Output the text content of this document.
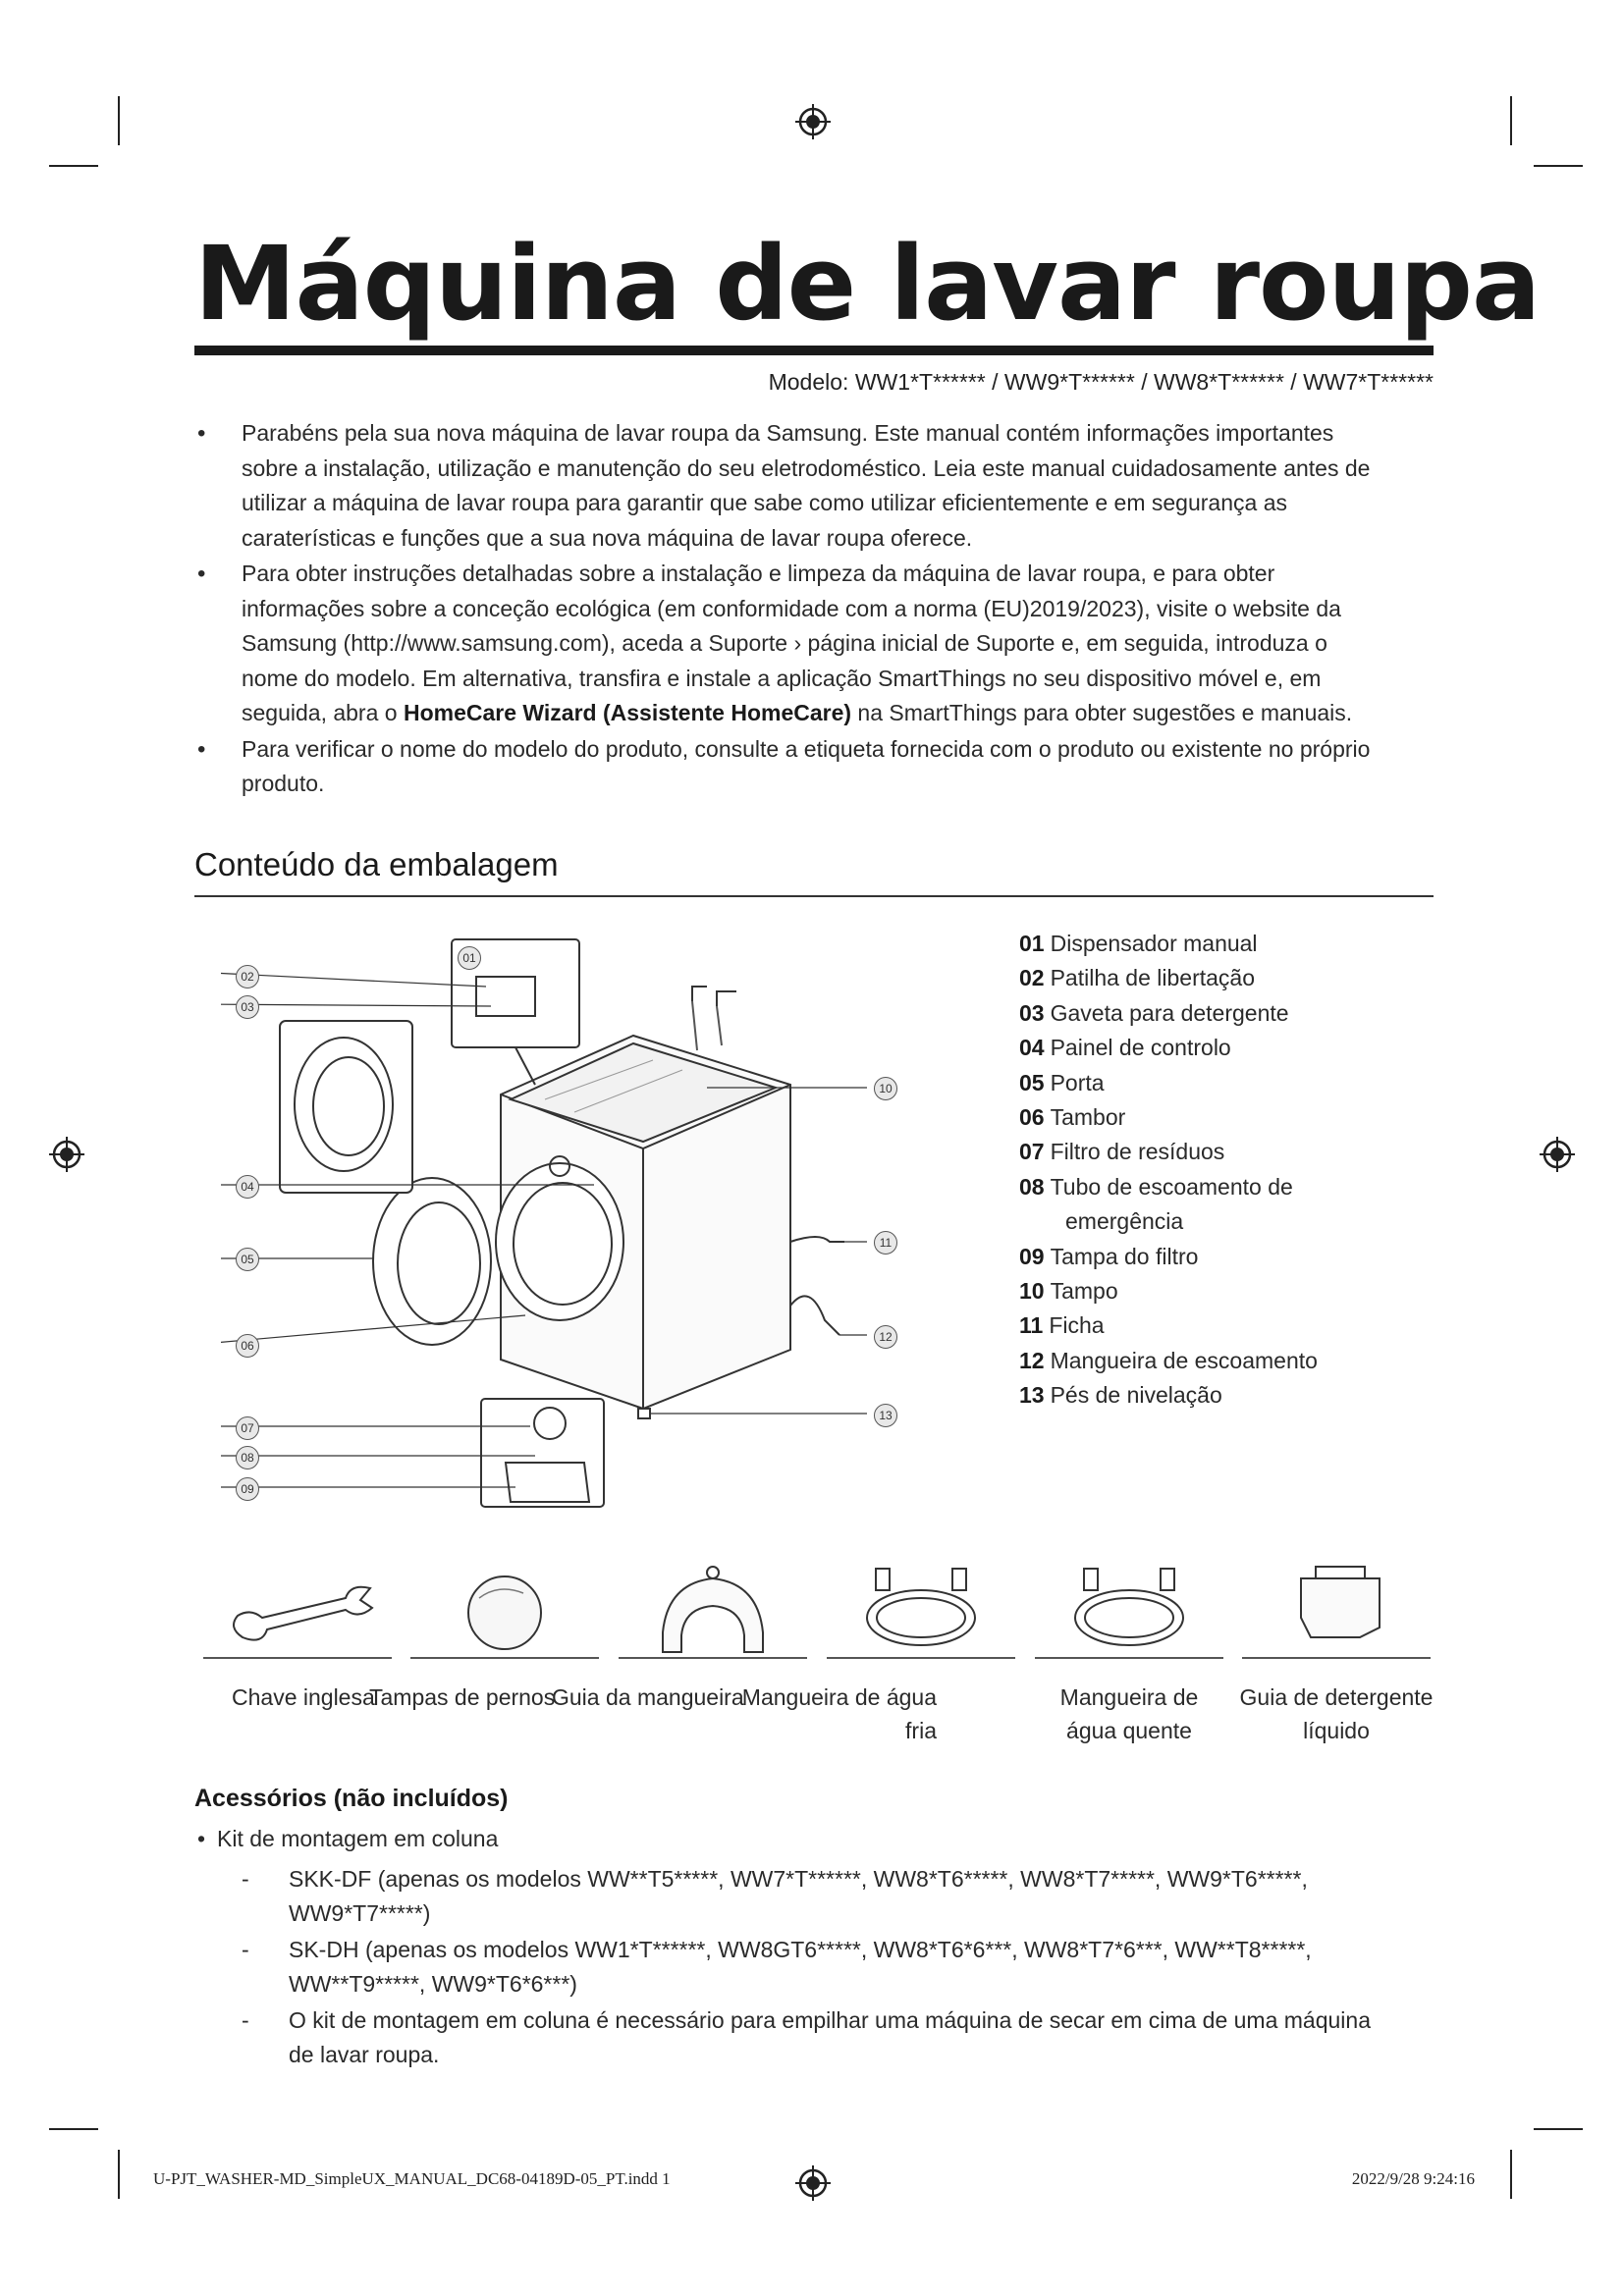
Máquina de lavar roupa
Modelo: WW1*T****** / WW9*T****** / WW8*T****** / WW7*T******
• Parabéns pela sua nova máquina de lavar roupa da Samsung. Este manual contém informações importantes sobre a instalação, utilização e manutenção do seu eletrodoméstico. Leia este manual cuidadosamente antes de utilizar a máquina de lavar roupa para garantir que sabe como utilizar eficientemente e em segurança as caraterísticas e funções que a sua nova máquina de lavar roupa oferece.
• Para obter instruções detalhadas sobre a instalação e limpeza da máquina de lavar roupa, e para obter informações sobre a conceção ecológica (em conformidade com a norma (EU)2019/2023), visite o website da Samsung (http://www.samsung.com), aceda a Suporte › página inicial de Suporte e, em seguida, introduza o nome do modelo. Em alternativa, transfira e instale a aplicação SmartThings no seu dispositivo móvel e, em seguida, abra o HomeCare Wizard (Assistente HomeCare) na SmartThings para obter sugestões e manuais.
• Para verificar o nome do modelo do produto, consulte a etiqueta fornecida com o produto ou existente no próprio produto.
Conteúdo da embalagem
01
02
03
04
05
06
07
08
09
10
11
12
13
01 Dispensador manual
02 Patilha de libertação
03 Gaveta para detergente
04 Painel de controlo
05 Porta
06 Tambor
07 Filtro de resíduos
08 Tubo de escoamento de
emergência
09 Tampa do filtro
10 Tampo
11 Ficha
12 Mangueira de escoamento
13 Pés de nivelação
Chave inglesa
Tampas de pernos
Guia da mangueira
Mangueira de água fria
Mangueira de água quente
Guia de detergente líquido
Acessórios (não incluídos)
• Kit de montagem em coluna
- SKK-DF (apenas os modelos WW**T5*****, WW7*T******, WW8*T6*****, WW8*T7*****, WW9*T6*****, WW9*T7*****)
- SK-DH (apenas os modelos WW1*T******, WW8GT6*****, WW8*T6*6***, WW8*T7*6***, WW**T8*****, WW**T9*****, WW9*T6*6***)
- O kit de montagem em coluna é necessário para empilhar uma máquina de secar em cima de uma máquina de lavar roupa.
U-PJT_WASHER-MD_SimpleUX_MANUAL_DC68-04189D-05_PT.indd 1	2022/9/28 9:24:16
